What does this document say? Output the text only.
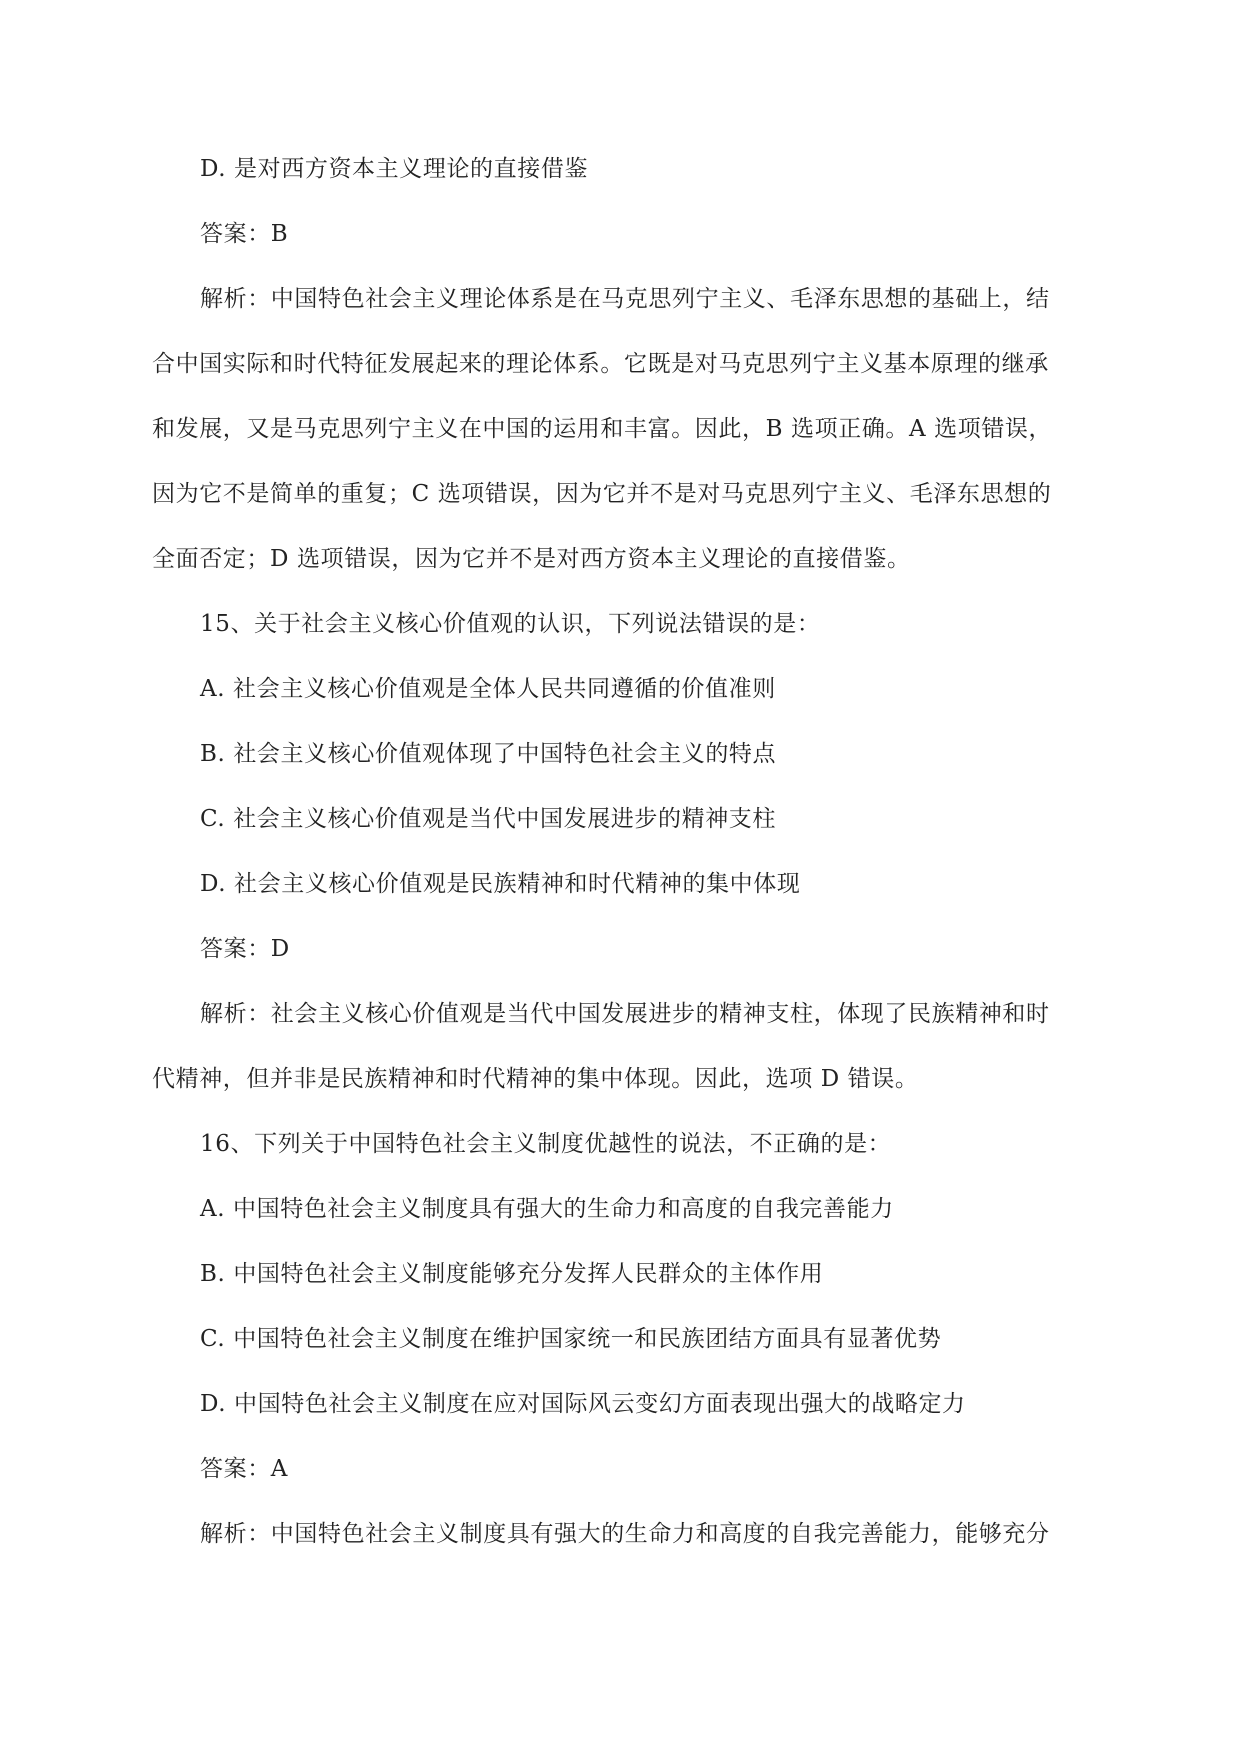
D. 是对西方资本主义理论的直接借鉴
答案：B
解析：中国特色社会主义理论体系是在马克思列宁主义、毛泽东思想的基础上，结
合中国实际和时代特征发展起来的理论体系。它既是对马克思列宁主义基本原理的继承
和发展，又是马克思列宁主义在中国的运用和丰富。因此，B 选项正确。A 选项错误，
因为它不是简单的重复；C 选项错误，因为它并不是对马克思列宁主义、毛泽东思想的
全面否定；D 选项错误，因为它并不是对西方资本主义理论的直接借鉴。
15、关于社会主义核心价值观的认识，下列说法错误的是：
A. 社会主义核心价值观是全体人民共同遵循的价值准则
B. 社会主义核心价值观体现了中国特色社会主义的特点
C. 社会主义核心价值观是当代中国发展进步的精神支柱
D. 社会主义核心价值观是民族精神和时代精神的集中体现
答案：D
解析：社会主义核心价值观是当代中国发展进步的精神支柱，体现了民族精神和时
代精神，但并非是民族精神和时代精神的集中体现。因此，选项 D 错误。
16、下列关于中国特色社会主义制度优越性的说法，不正确的是：
A. 中国特色社会主义制度具有强大的生命力和高度的自我完善能力
B. 中国特色社会主义制度能够充分发挥人民群众的主体作用
C. 中国特色社会主义制度在维护国家统一和民族团结方面具有显著优势
D. 中国特色社会主义制度在应对国际风云变幻方面表现出强大的战略定力
答案：A
解析：中国特色社会主义制度具有强大的生命力和高度的自我完善能力，能够充分
